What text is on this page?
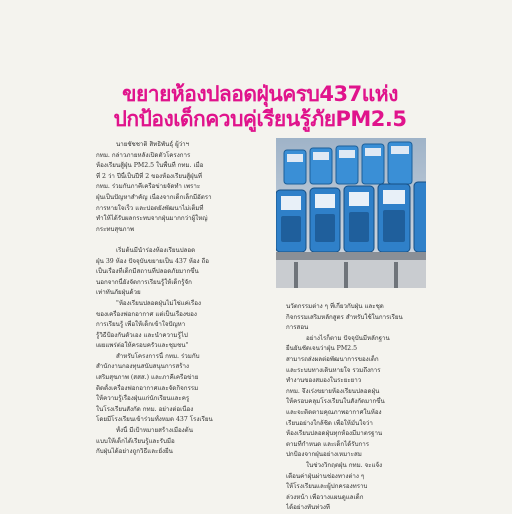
ขยายห้องปลอดฝุ่นครบ437แห่ง
ปกป้องเด็กควบคู่เรียนรู้ภัยPM2.5
นายชัชชาติ สิทธิพันธุ์ ผู้ว่าฯ
กทม. กล่าวภายหลังเปิดตัวโครงการ
ห้องเรียนสู้ฝุ่น PM2.5 ในพื้นที่ กทม. เมื่อ
ที่ 2 ว่า ปีนี้เป็นปีที่ 2 ของห้องเรียนสู้ฝุ่นที่
กทม. ร่วมกับภาคีเครือข่ายจัดทำ เพราะ
ฝุ่นเป็นปัญหาสำคัญ เนื่องจากเด็กเล็กมีอัตรา
การหายใจเร็ว และปอดยังพัฒนาไม่เต็มที่
ทำให้ได้รับผลกระทบจากฝุ่นมากกว่าผู้ใหญ่
กระทบสุขภาพ
เริ่มต้นมีนำร่องห้องเรียนปลอด
ฝุ่น 39 ห้อง ปัจจุบันขยายเป็น 437 ห้อง ถือ
เป็นเรื่องที่เด็กมีสถานที่ปลอดภัยมากขึ้น
นอกจากนี้ยังจัดการเรียนรู้ให้เด็กรู้จัก
เท่าทันภัยฝุ่นด้วย
"ห้องเรียนปลอดฝุ่นไม่ใช่แค่เรื่อง
ของเครื่องฟอกอากาศ แต่เป็นเรื่องของ
การเรียนรู้ เพื่อให้เด็กเข้าใจปัญหา
รู้วิธีป้องกันตัวเอง และนำความรู้ไป
เผยแพร่ต่อให้ครอบครัวและชุมชน"
สำหรับโครงการนี้ กทม. ร่วมกับ
สำนักงานกองทุนสนับสนุนการสร้าง
เสริมสุขภาพ (สสส.) และภาคีเครือข่าย
ติดตั้งเครื่องฟอกอากาศและจัดกิจกรรม
ให้ความรู้เรื่องฝุ่นแก่นักเรียนและครู
ในโรงเรียนสังกัด กทม. อย่างต่อเนื่อง
โดยมีโรงเรียนเข้าร่วมทั้งหมด 437 โรงเรียน
ทั้งนี้ มีเป้าหมายสร้างเมืองต้น
แบบให้เด็กได้เรียนรู้และรับมือ
กับฝุ่นได้อย่างถูกวิธีและยั่งยืน
นวัตกรรมต่าง ๆ ที่เกี่ยวกับฝุ่น และชุด
กิจกรรมเสริมหลักสูตร สำหรับใช้ในการเรียน
การสอน
อย่างไรก็ตาม ปัจจุบันมีหลักฐาน
ยืนยันชัดเจนว่าฝุ่น PM2.5
สามารถส่งผลต่อพัฒนาการของเด็ก
และระบบทางเดินหายใจ รวมถึงการ
ทำงานของสมองในระยะยาว
กทม. จึงเร่งขยายห้องเรียนปลอดฝุ่น
ให้ครอบคลุมโรงเรียนในสังกัดมากขึ้น
และจะติดตามคุณภาพอากาศในห้อง
เรียนอย่างใกล้ชิด เพื่อให้มั่นใจว่า
ห้องเรียนปลอดฝุ่นทุกห้องมีมาตรฐาน
ตามที่กำหนด และเด็กได้รับการ
ปกป้องจากฝุ่นอย่างเหมาะสม
ในช่วงวิกฤตฝุ่น กทม. จะแจ้ง
เตือนค่าฝุ่นผ่านช่องทางต่าง ๆ
ให้โรงเรียนและผู้ปกครองทราบ
ล่วงหน้า เพื่อวางแผนดูแลเด็ก
ได้อย่างทันท่วงที
